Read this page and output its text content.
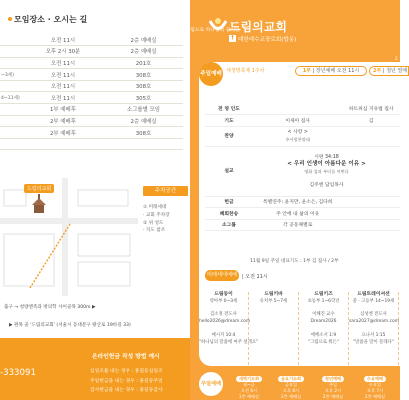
모임장소 · 오시는 길
	오전 11시	2층 예배실
	오후 2시 30분	2층 예배실
	오전 11시	201호
~3세)	오전 11시	308호
	오전 11시	308호
4~11세)	오전 11시	305호
	1부 예배후	소그룹별 모임
	2부 예배후	2층 예배실
	2부 예배후	308호

드림의교회	주차공간
① 미래세대
· 교회 주차장
② 위 성도
· 지도 참조
출구 → 청량엔족과 방의학 사이골목 300m ▶
▶ 원목 골 '드림의교회' (서울시 동대문구 왕산로 19바길 33)
-333091
온라인헌금 작성 방법 예시
십일조를 내는 경우 : 홍길동십일조
주일헌금을 내는 경우 : 홍길동주일
감사헌금을 내는 경우 : 홍길동감사
드림의교회
† 대한예수교장로회(합동)
"하신을 드림으로 하나님의 꿈이던
2
주일예배 세생명축제 1주차	1부 | 장년예배 오전 11시	2부 | 청년 열매
전 영 인도		하트위십 지유법 집사
기도	이새아 집사	김
찬양	< 사랑 >
주사랑찬양대	

설교	시편 34:18
< 우리 인생이 아름다운 이유 >
영화 섬과 부터를 어떤다

김주엔 담임목사	

헌금	특별연주: 윤지만, 윤소은, 김다희	

폐회찬송	주 안에 내 삶의 이유	

소그룹	각 공동체별로	

11월 9일 주일 대표기도 : 1부 김 집사 / 2부
미래세대예배 | 오전 11시
드림동이
영아부 0~3세

김소정 전도사
hello2026@dream.com

메시지 10:4
"하나님의 말씀에 마주 설게요"
드림키바
유치부 5~7세

드림키즈
초등부 1~6학년

이해진 교수
Dream2026

에베소서 1:9
"그럼으로 뭐든"
드림트레이셔션
중 · 고등부 14~19세

심성엔 전도사
sara2027@dream.com

요나서 1:15
"말씀을 말이 쓸래다"
주일예배
새벽기도회
월~금
오전 6시
1층 예배실
금요기도회
금요일
오후 8시
2층 예배실
청년예배
주일
오후 2시
2층 예배실
수요예배
수요일
오후 7시
2층 예배실
